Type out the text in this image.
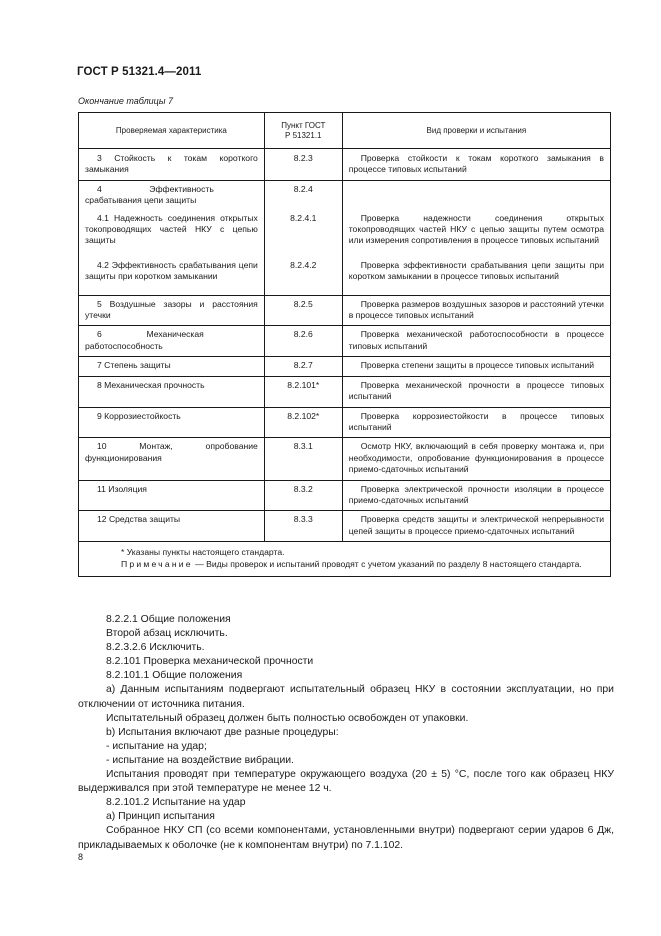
ГОСТ Р 51321.4—2011
Окончание таблицы 7
Проверяемая характеристика	Пункт ГОСТ Р 51321.1	Вид проверки и испытания
3 Стойкость к токам короткого замыкания	8.2.3	Проверка стойкости к токам короткого замыкания в процессе типовых испытаний
4 Эффективность срабатывания цепи защиты	8.2.4	
4.1 Надежность соединения открытых токопроводящих частей НКУ с цепью защиты	8.2.4.1	Проверка надежности соединения открытых токопроводящих частей НКУ с цепью защиты путем осмотра или измерения сопротивления в процессе типовых испытаний
4.2 Эффективность срабатывания цепи защиты при коротком замыкании	8.2.4.2	Проверка эффективности срабатывания цепи защиты при коротком замыкании в процессе типовых испытаний
5 Воздушные зазоры и расстояния утечки	8.2.5	Проверка размеров воздушных зазоров и расстояний утечки в процессе типовых испытаний
6 Механическая работоспособность	8.2.6	Проверка механической работоспособности в процессе типовых испытаний
7 Степень защиты	8.2.7	Проверка степени защиты в процессе типовых испытаний
8 Механическая прочность	8.2.101*	Проверка механической прочности в процессе типовых испытаний
9 Коррозиестойкость	8.2.102*	Проверка коррозиестойкости в процессе типовых испытаний
10 Монтаж, опробование функционирования	8.3.1	Осмотр НКУ, включающий в себя проверку монтажа и, при необходимости, опробование функционирования в процессе приемо-сдаточных испытаний
11 Изоляция	8.3.2	Проверка электрической прочности изоляции в процессе приемо-сдаточных испытаний
12 Средства защиты	8.3.3	Проверка средств защиты и электрической непрерывности цепей защиты в процессе приемо-сдаточных испытаний

* Указаны пункты настоящего стандарта.
Примечание — Виды проверок и испытаний проводят с учетом указаний по разделу 8 настоящего стандарта.		
8.2.2.1 Общие положения
Второй абзац исключить.
8.2.3.2.6 Исключить.
8.2.101 Проверка механической прочности
8.2.101.1 Общие положения
a) Данным испытаниям подвергают испытательный образец НКУ в состоянии эксплуатации, но при отключении от источника питания.
Испытательный образец должен быть полностью освобожден от упаковки.
b) Испытания включают две разные процедуры:
- испытание на удар;
- испытание на воздействие вибрации.
Испытания проводят при температуре окружающего воздуха (20 ± 5) °С, после того как образец НКУ выдерживался при этой температуре не менее 12 ч.
8.2.101.2 Испытание на удар
a) Принцип испытания
Собранное НКУ СП (со всеми компонентами, установленными внутри) подвергают серии ударов 6 Дж, прикладываемых к оболочке (не к компонентам внутри) по 7.1.102.
8
